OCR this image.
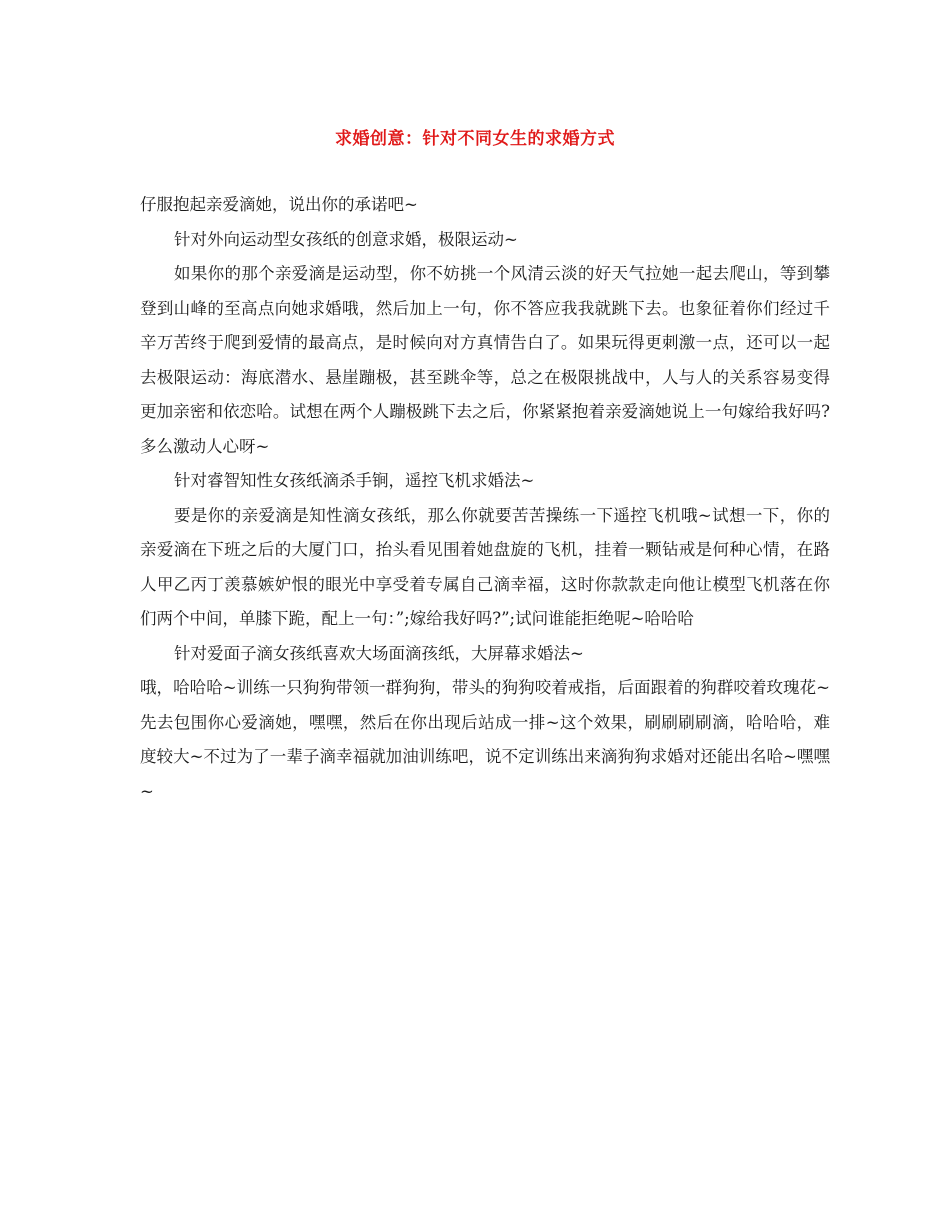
求婚创意：针对不同女生的求婚方式

仔服抱起亲爱滴她，说出你的承诺吧~

针对外向运动型女孩纸的创意求婚，极限运动~

如果你的那个亲爱滴是运动型，你不妨挑一个风清云淡的好天气拉她一起去爬山，等到攀登到山峰的至高点向她求婚哦，然后加上一句，你不答应我我就跳下去。也象征着你们经过千辛万苦终于爬到爱情的最高点，是时候向对方真情告白了。如果玩得更刺激一点，还可以一起去极限运动：海底潜水、悬崖蹦极，甚至跳伞等，总之在极限挑战中，人与人的关系容易变得更加亲密和依恋哈。试想在两个人蹦极跳下去之后，你紧紧抱着亲爱滴她说上一句嫁给我好吗?多么激动人心呀~

针对睿智知性女孩纸滴杀手锏，遥控飞机求婚法~

要是你的亲爱滴是知性滴女孩纸，那么你就要苦苦操练一下遥控飞机哦~试想一下，你的亲爱滴在下班之后的大厦门口，抬头看见围着她盘旋的飞机，挂着一颗钻戒是何种心情，在路人甲乙丙丁羡慕嫉妒恨的眼光中享受着专属自己滴幸福，这时你款款走向他让模型飞机落在你们两个中间，单膝下跪，配上一句：”;嫁给我好吗?”;试问谁能拒绝呢~哈哈哈

针对爱面子滴女孩纸喜欢大场面滴孩纸，大屏幕求婚法~

哦，哈哈哈~训练一只狗狗带领一群狗狗，带头的狗狗咬着戒指，后面跟着的狗群咬着玫瑰花~先去包围你心爱滴她，嘿嘿，然后在你出现后站成一排~这个效果，刷刷刷刷滴，哈哈哈，难度较大~不过为了一辈子滴幸福就加油训练吧，说不定训练出来滴狗狗求婚对还能出名哈~嘿嘿~
